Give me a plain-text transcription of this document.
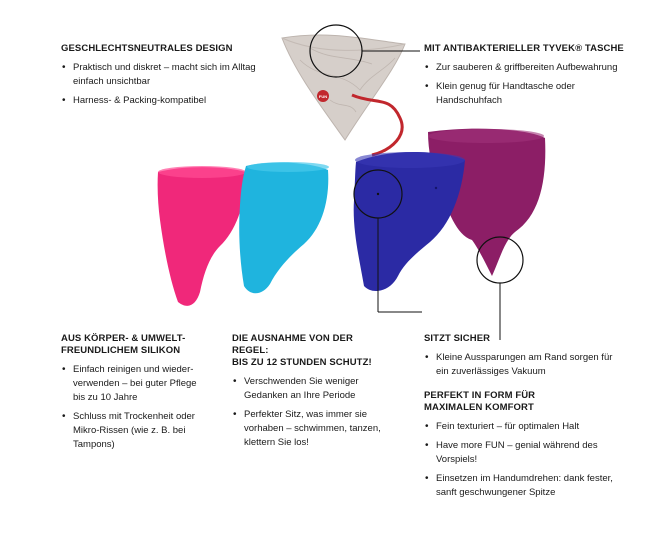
FUN
GESCHLECHTSNEUTRALES DESIGN
• Praktisch und diskret – macht sich im Alltag einfach unsichtbar
• Harness- & Packing-kompatibel
MIT ANTIBAKTERIELLER TYVEK® TASCHE
• Zur sauberen & griffbereiten Aufbewahrung
• Klein genug für Handtasche oder Handschuhfach
AUS KÖRPER- & UMWELT-
FREUNDLICHEM SILIKON
• Einfach reinigen und wieder-verwenden – bei guter Pflege bis zu 10 Jahre
• Schluss mit Trockenheit oder Mikro-Rissen (wie z. B. bei Tampons)
DIE AUSNAHME VON DER REGEL:
BIS ZU 12 STUNDEN SCHUTZ!
• Verschwenden Sie weniger Gedanken an Ihre Periode
• Perfekter Sitz, was immer sie vorhaben – schwimmen, tanzen, klettern Sie los!
SITZT SICHER
• Kleine Aussparungen am Rand sorgen für ein zuverlässiges Vakuum
PERFEKT IN FORM FÜR
MAXIMALEN KOMFORT
• Fein texturiert – für optimalen Halt
• Have more FUN – genial während des Vorspiels!
• Einsetzen im Handumdrehen: dank fester, sanft geschwungener Spitze
